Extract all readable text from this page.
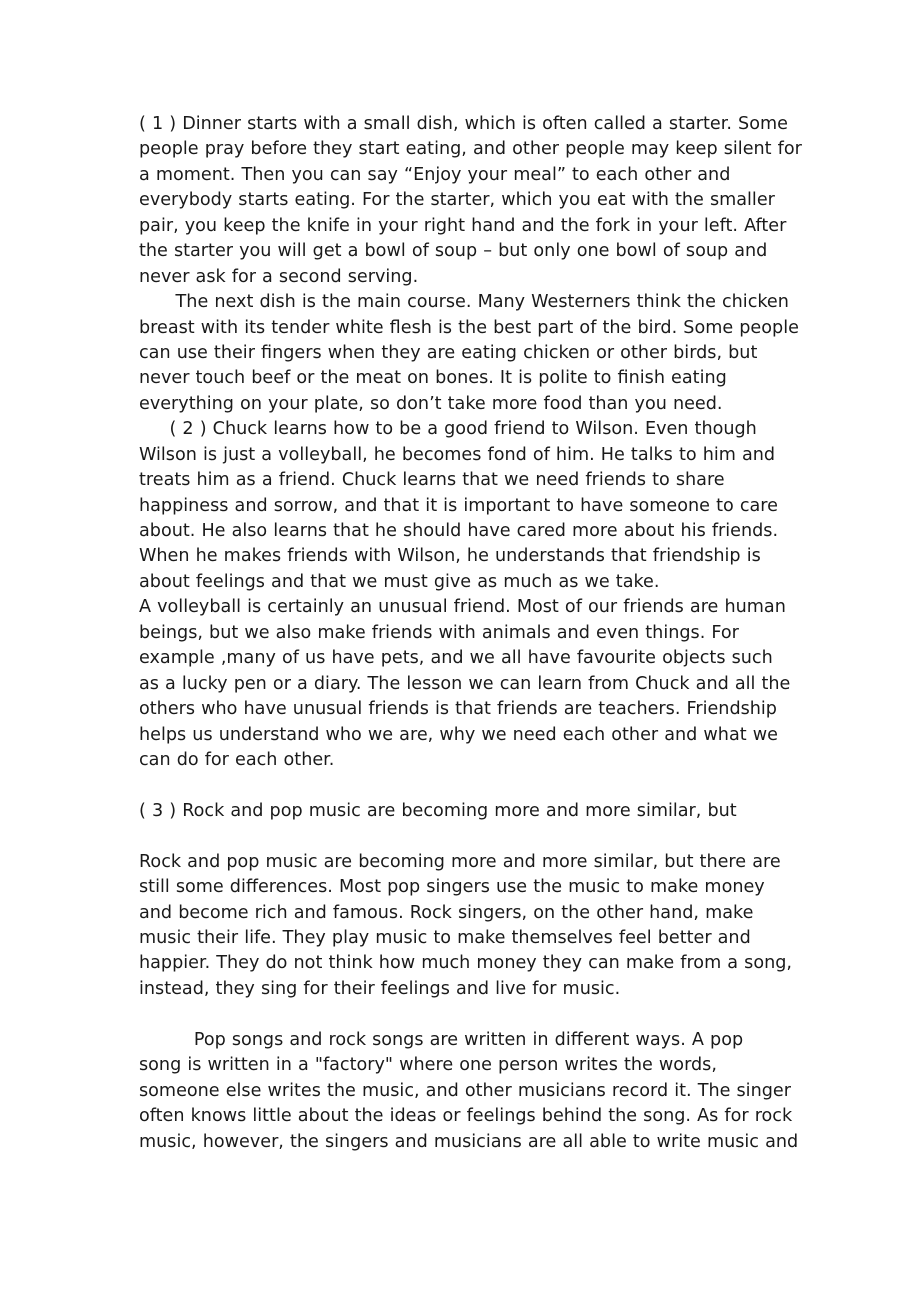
( 1 ) Dinner starts with a small dish, which is often called a starter. Some
people pray before they start eating, and other people may keep silent for
a moment. Then you can say “Enjoy your meal” to each other and
everybody starts eating. For the starter, which you eat with the smaller
pair, you keep the knife in your right hand and the fork in your left. After
the starter you will get a bowl of soup – but only one bowl of soup and
never ask for a second serving.
The next dish is the main course. Many Westerners think the chicken
breast with its tender white flesh is the best part of the bird. Some people
can use their fingers when they are eating chicken or other birds, but
never touch beef or the meat on bones. It is polite to finish eating
everything on your plate, so don’t take more food than you need.
( 2 ) Chuck learns how to be a good friend to Wilson. Even though
Wilson is just a volleyball, he becomes fond of him. He talks to him and
treats him as a friend. Chuck learns that we need friends to share
happiness and sorrow, and that it is important to have someone to care
about. He also learns that he should have cared more about his friends.
When he makes friends with Wilson, he understands that friendship is
about feelings and that we must give as much as we take.
A volleyball is certainly an unusual friend. Most of our friends are human
beings, but we also make friends with animals and even things. For
example ,many of us have pets, and we all have favourite objects such
as a lucky pen or a diary. The lesson we can learn from Chuck and all the
others who have unusual friends is that friends are teachers. Friendship
helps us understand who we are, why we need each other and what we
can do for each other.
( 3 ) Rock and pop music are becoming more and more similar, but
Rock and pop music are becoming more and more similar, but there are
still some differences. Most pop singers use the music to make money
and become rich and famous. Rock singers, on the other hand, make
music their life. They play music to make themselves feel better and
happier. They do not think how much money they can make from a song,
instead, they sing for their feelings and live for music.
Pop songs and rock songs are written in different ways. A pop
song is written in a "factory" where one person writes the words,
someone else writes the music, and other musicians record it. The singer
often knows little about the ideas or feelings behind the song. As for rock
music, however, the singers and musicians are all able to write music and
